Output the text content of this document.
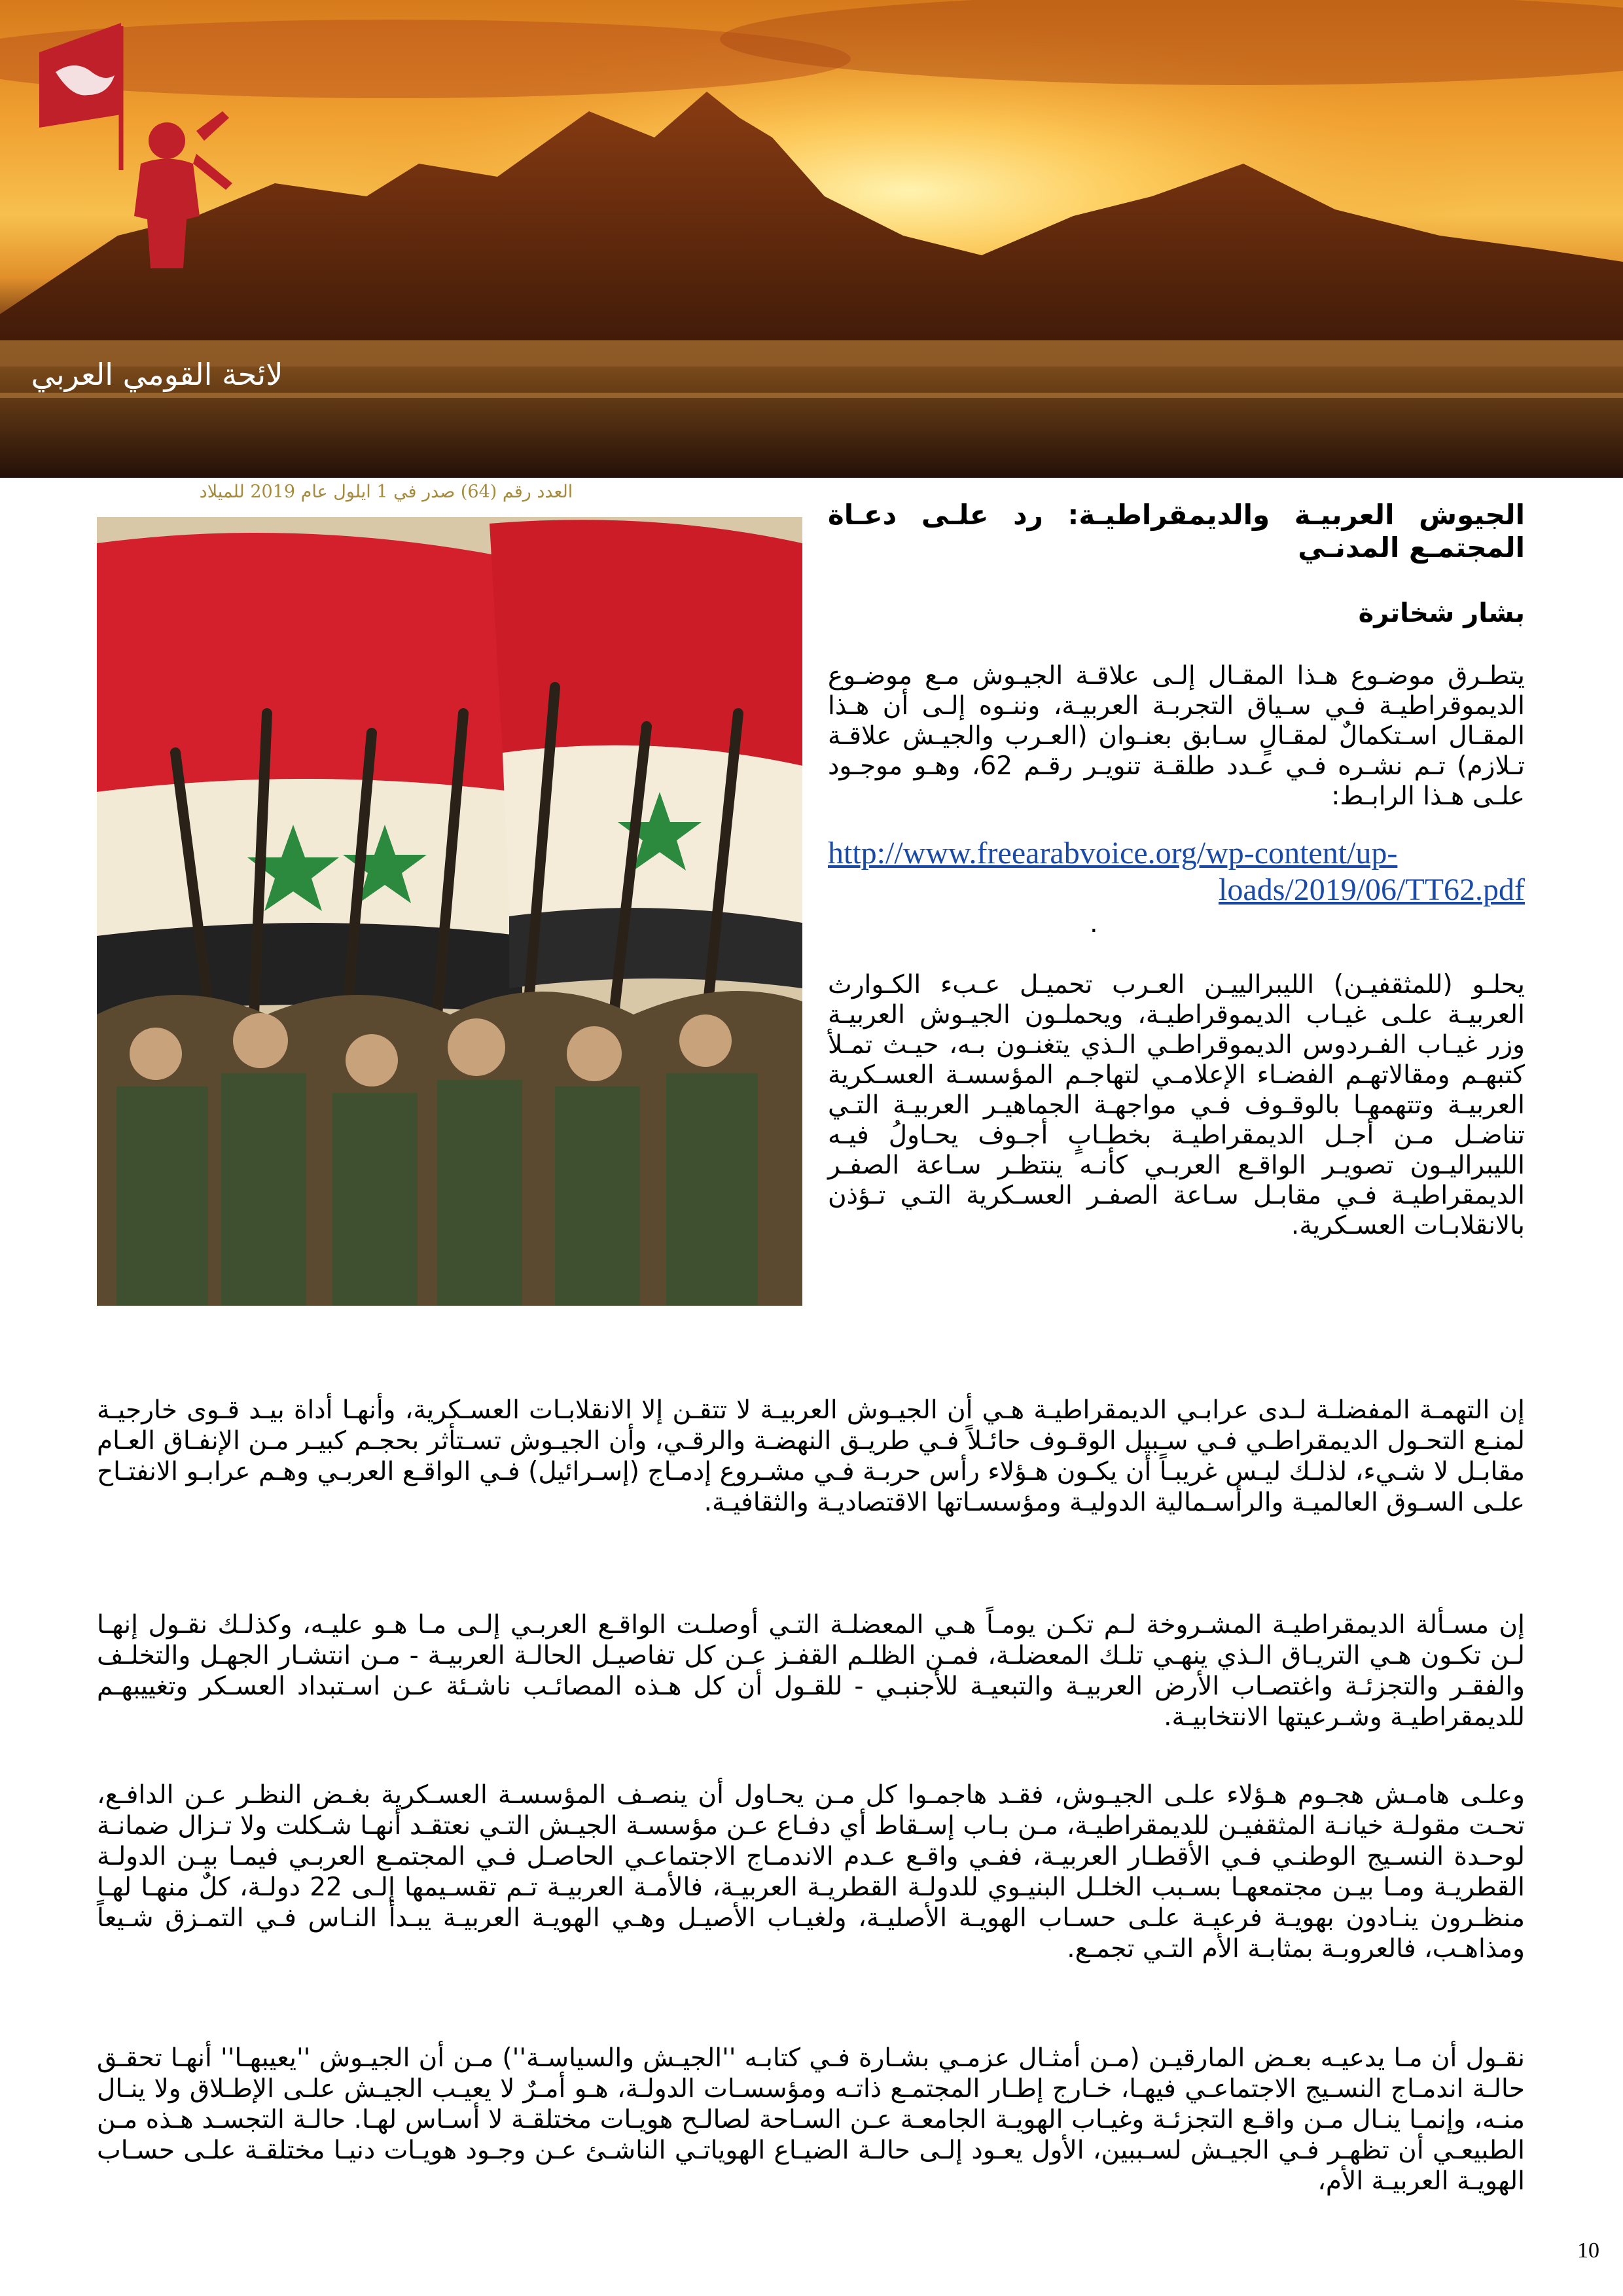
لائحة القومي العربي
العدد رقم (64) صدر في 1 ايلول عام 2019 للميلاد

الجيوش العربيـة والديمقراطيـة: رد علـى دعـاة المجتمـع المدنـي

بشار شخاترة

يتطـرق موضـوع هـذا المقـال إلـى علاقـة الجيـوش مـع موضـوع الديموقراطيـة فـي سـياق التجربـة العربيـة، وننـوه إلـى أن هـذا المقـال اسـتكمالٌ لمقـالٍ سـابق بعنـوان (العـرب والجيـش علاقـة تـلازم) تـم نشـره فـي عـدد طلقـة تنويـر رقـم 62، وهـو موجـود علـى هـذا الرابـط:

http://www.freearabvoice.org/wp-content/up-
loads/2019/06/TT62.pdf
.

يحلـو (للمثقفيـن) الليبرالييـن العـرب تحميـل عـبء الكـوارث العربيـة علـى غيـاب الديموقراطيـة، ويحملـون الجيـوش العربيـة وزر غيـاب الفـردوس الديموقراطـي الـذي يتغنـون بـه، حيـث تمـلأ كتبهـم ومقالاتهـم الفضـاء الإعلامـي لتهاجـم المؤسسـة العسـكرية العربيـة وتتهمهـا بالوقـوف فـي مواجهـة الجماهيـر العربيـة التـي تناضـل مـن أجـل الديمقراطيـة بخطـابٍ أجـوف يحـاولُ فيـه الليبراليـون تصويـر الواقـع العربـي كأنـه ينتظـر سـاعة الصفـر الديمقراطيـة فـي مقابـل سـاعة الصفـر العسـكرية التـي تـؤذن بالانقلابـات العسـكرية.

إن التهمـة المفضلـة لـدى عرابـي الديمقراطيـة هـي أن الجيـوش العربيـة لا تتقـن إلا الانقلابـات العسـكرية، وأنهـا أداة بيـد قـوى خارجيـة لمنـع التحـول الديمقراطـي فـي سـبيل الوقـوف حائـلاً فـي طريـق النهضـة والرقـي، وأن الجيـوش تسـتأثر بحجـم كبيـر مـن الإنفـاق العـام مقابـل لا شـيء، لذلـك ليـس غريبـاً أن يكـون هـؤلاء رأس حربـة فـي مشـروع إدمـاج (إسـرائيل) فـي الواقـع العربـي وهـم عرابـو الانفتـاح علـى السـوق العالميـة والرأسـمالية الدوليـة ومؤسسـاتها الاقتصاديـة والثقافيـة.

إن مسـألة الديمقراطيـة المشـروخة لـم تكـن يومـاً هـي المعضلـة التـي أوصلـت الواقـع العربـي إلـى مـا هـو عليـه، وكذلـك نقـول إنهـا لـن تكـون هـي التريـاق الـذي ينهـي تلـك المعضلـة، فمـن الظلـم القفـز عـن كل تفاصيـل الحالـة العربيـة - مـن انتشـار الجهـل والتخلـف والفقـر والتجزئـة واغتصـاب الأرض العربيـة والتبعيـة للأجنبـي - للقـول أن كل هـذه المصائـب ناشـئة عـن اسـتبداد العسـكر وتغييبهـم للديمقراطيـة وشـرعيتها الانتخابيـة.

وعلـى هامـش هجـوم هـؤلاء علـى الجيـوش، فقـد هاجمـوا كل مـن يحـاول أن ينصـف المؤسسـة العسـكرية بغـض النظـر عـن الدافـع، تحـت مقولـة خيانـة المثقفيـن للديمقراطيـة، مـن بـاب إسـقاط أي دفـاع عـن مؤسسـة الجيـش التـي نعتقـد أنهـا شـكلت ولا تـزال ضمانـة لوحـدة النسـيج الوطنـي فـي الأقطـار العربيـة، ففـي واقـع عـدم الاندمـاج الاجتماعـي الحاصـل فـي المجتمـع العربـي فيمـا بيـن الدولـة القطريـة ومـا بيـن مجتمعهـا بسـبب الخلـل البنيـوي للدولـة القطريـة العربيـة، فالأمـة العربيـة تـم تقسـيمها إلـى 22 دولـة، كلٌ منهـا لهـا منظـرون ينـادون بهويـة فرعيـة علـى حسـاب الهويـة الأصليـة، ولغيـاب الأصيـل وهـي الهويـة العربيـة يبـدأ النـاس فـي التمـزق شـيعاً ومذاهـب، فالعروبـة بمثابـة الأم التـي تجمـع.

نقـول أن مـا يدعيـه بعـض المارقيـن (مـن أمثـال عزمـي بشـارة فـي كتابـه ''الجيـش والسياسـة'') مـن أن الجيـوش ''يعيبهـا'' أنهـا تحقـق حالـة اندمـاج النسـيج الاجتماعـي فيهـا، خـارج إطـار المجتمـع ذاتـه ومؤسسـات الدولـة، هـو أمـرٌ لا يعيـب الجيـش علـى الإطـلاق ولا ينـال منـه، وإنمـا ينـال مـن واقـع التجزئـة وغيـاب الهويـة الجامعـة عـن السـاحة لصالـح هويـات مختلقـة لا أسـاس لهـا. حالـة التجسـد هـذه مـن الطبيعـي أن تظهـر فـي الجيـش لسـببين، الأول يعـود إلـى حالـة الضيـاع الهوياتـي الناشـئ عـن وجـود هويـات دنيـا مختلقـة علـى حسـاب الهويـة العربيـة الأم،

10
